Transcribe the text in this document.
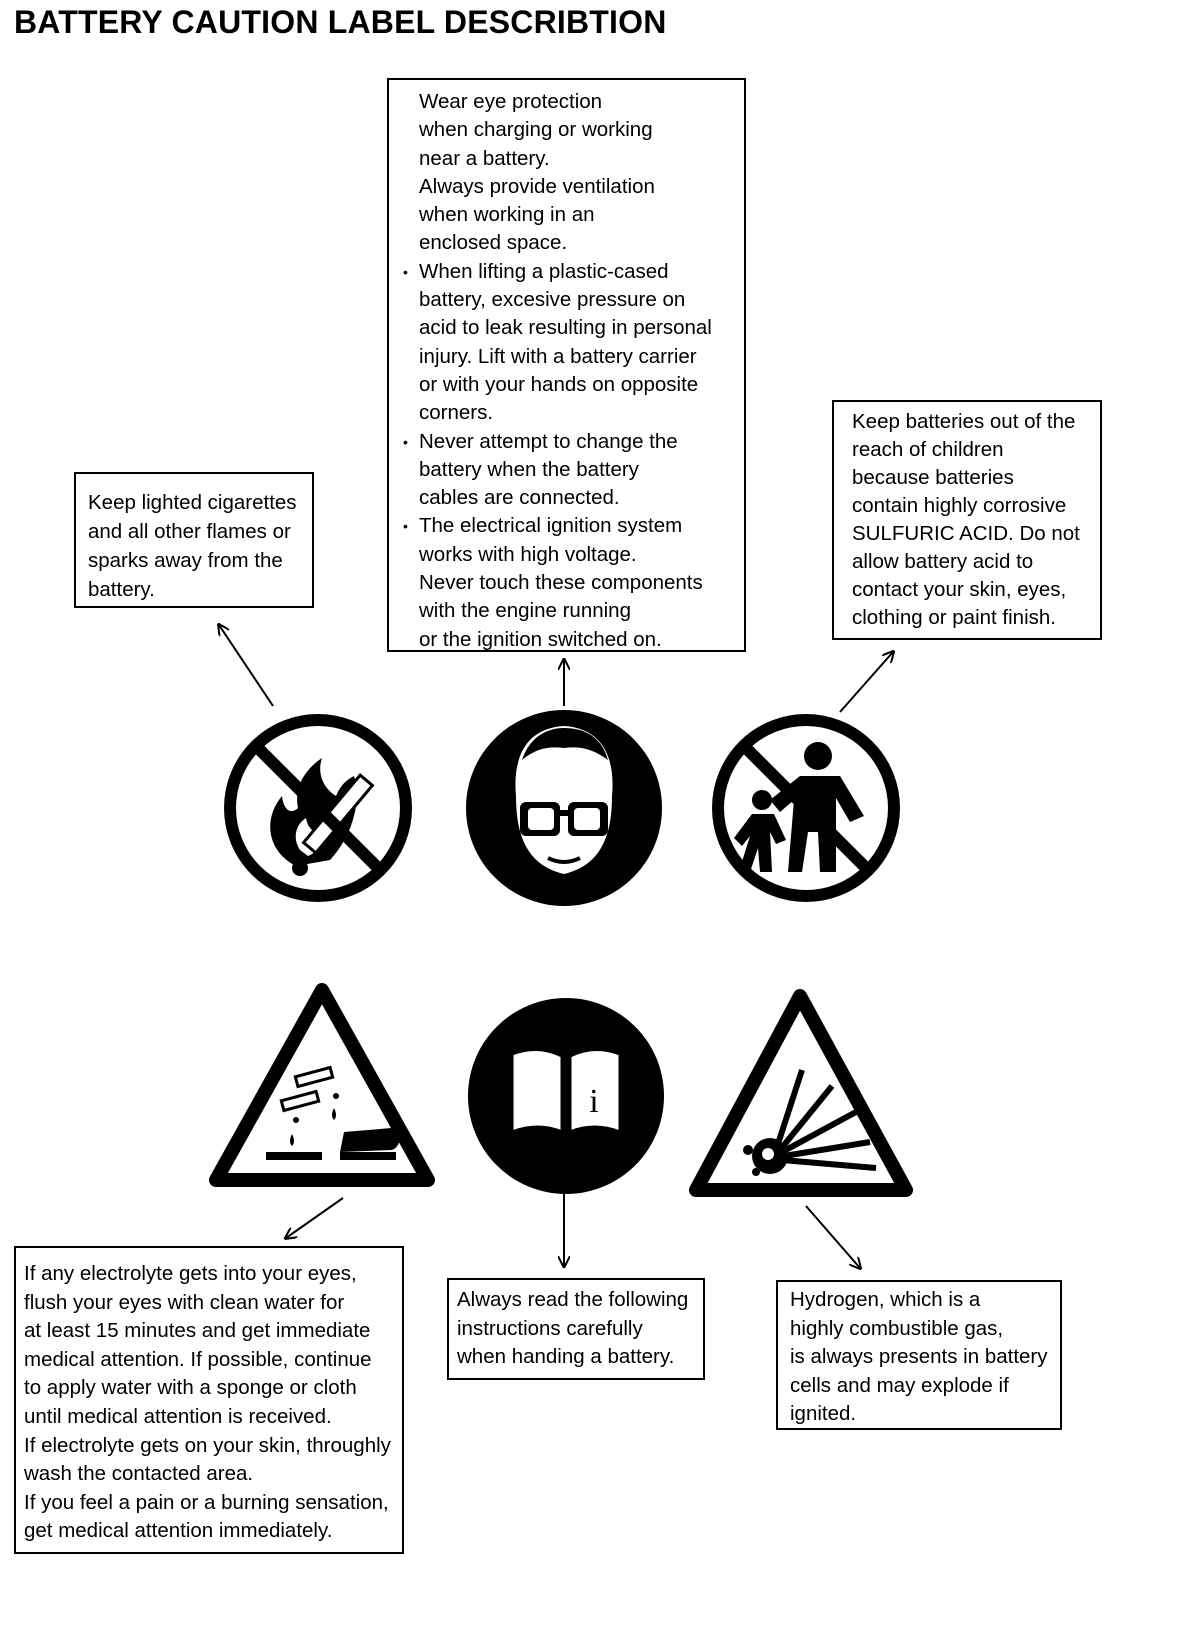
BATTERY CAUTION LABEL DESCRIBTION

Keep lighted cigarettes

and all other flames or

sparks away from the

battery.

Wear eye protection

when charging or working

near a battery.

Always provide ventilation

when working in an

enclosed space.

• When lifting a plastic-cased

battery, excesive pressure on

acid to leak resulting in personal

injury. Lift with a battery carrier

or with your hands on opposite

corners.

• Never attempt to change the

battery when the battery

cables are connected.

• The electrical ignition system

works with high voltage.

Never touch these components

with the engine running

or the ignition switched on.

Keep batteries out of the

reach of children

because batteries

contain highly corrosive

SULFURIC ACID. Do not

allow battery acid to

contact your skin, eyes,

clothing or paint finish.

If any electrolyte gets into your eyes,

flush your eyes with clean water for

at least 15 minutes and get immediate

medical attention. If possible, continue

to apply water with a sponge or cloth

until medical attention is received.

If electrolyte gets on your skin, throughly

wash the contacted area.

If you feel a pain or a burning sensation,

get medical attention immediately.

Always read the following

instructions carefully

when handing a battery.

Hydrogen, which is a

highly combustible gas,

is always presents in battery

cells and may explode if

ignited.

i
